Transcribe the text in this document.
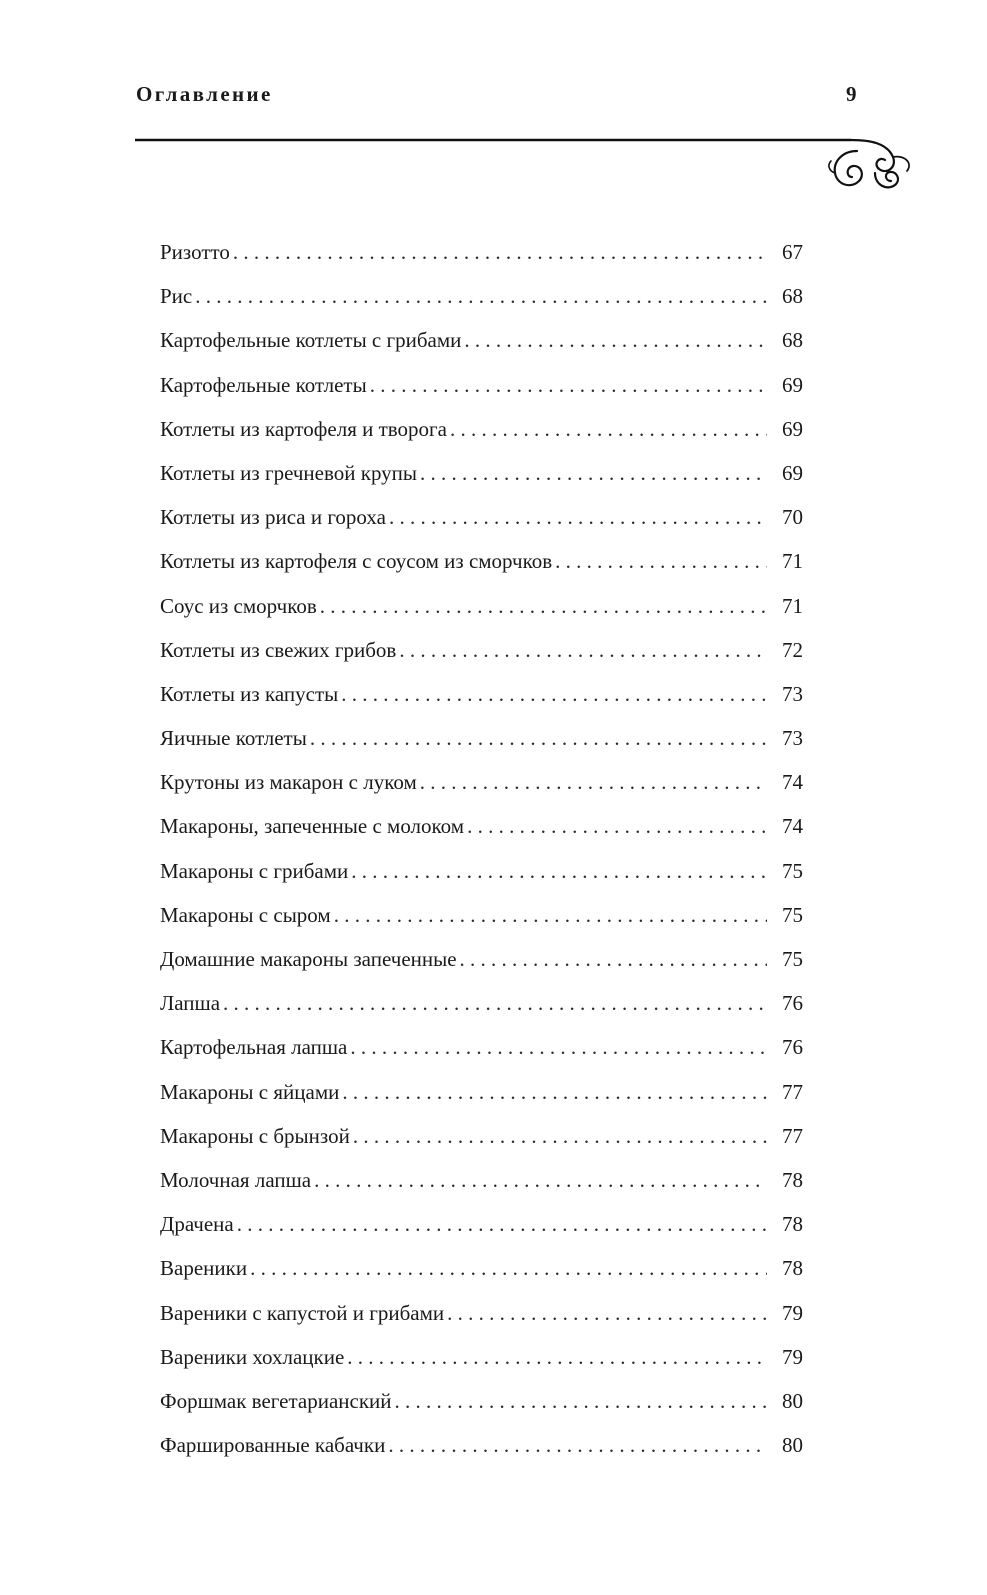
Оглавление	9
Ризотто . . .	67
Рис . . .	68
Картофельные котлеты с грибами . . .	68
Картофельные котлеты . . .	69
Котлеты из картофеля и творога . . .	69
Котлеты из гречневой крупы . . .	69
Котлеты из риса и гороха . . .	70
Котлеты из картофеля с соусом из сморчков . . .	71
Соус из сморчков . . .	71
Котлеты из свежих грибов . . .	72
Котлеты из капусты . . .	73
Яичные котлеты . . .	73
Крутоны из макарон с луком . . .	74
Макароны, запеченные с молоком . . .	74
Макароны с грибами . . .	75
Макароны с сыром . . .	75
Домашние макароны запеченные . . .	75
Лапша . . .	76
Картофельная лапша . . .	76
Макароны с яйцами . . .	77
Макароны с брынзой . . .	77
Молочная лапша . . .	78
Драчена . . .	78
Вареники . . .	78
Вареники с капустой и грибами . . .	79
Вареники хохлацкие . . .	79
Форшмак вегетарианский . . .	80
Фаршированные кабачки . . .	80
